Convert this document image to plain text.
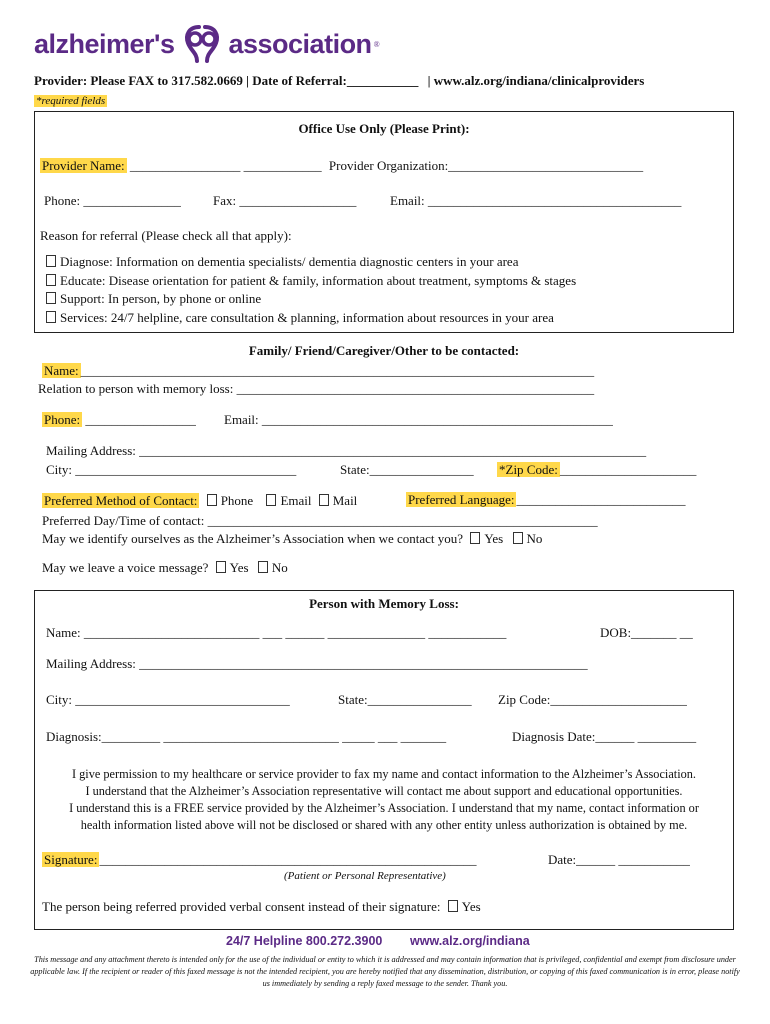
alzheimer's association ®
Provider: Please FAX to 317.582.0669 | Date of Referral:___________ | www.alz.org/indiana/clinicalproviders
*required fields
Office Use Only (Please Print):
Provider Name: _________________ ____________ Provider Organization:______________________________
Phone: _______________ Fax: __________________	Email: _______________________________________
Reason for referral (Please check all that apply):
Diagnose: Information on dementia specialists/ dementia diagnostic centers in your area
Educate: Disease orientation for patient & family, information about treatment, symptoms & stages
Support: In person, by phone or online
Services: 24/7 helpline, care consultation & planning, information about resources in your area
Family/ Friend/Caregiver/Other to be contacted:
Name: _______________________________________________________________________________
Relation to person with memory loss: _______________________________________________________
Phone: _________________ Email: ______________________________________________________
Mailing Address: ______________________________________________________________________________
City: __________________________________	State:________________ *Zip Code: _____________________
Preferred Method of Contact: Phone Email Mail	Preferred Language: __________________________
Preferred Day/Time of contact: ____________________________________________________________
May we identify ourselves as the Alzheimer’s Association when we contact you? Yes No
May we leave a voice message? Yes No
Person with Memory Loss:
Name: ___________________________ ___ ______ _______________ ____________	DOB:_______ __
Mailing Address: _____________________________________________________________________
City: _________________________________	State:________________ Zip Code:_____________________
Diagnosis:_________ ___________________________ _____ ___ _______	Diagnosis Date:______ _________
I give permission to my healthcare or service provider to fax my name and contact information to the Alzheimer’s Association.
I understand that the Alzheimer’s Association representative will contact me about support and educational opportunities.
I understand this is a FREE service provided by the Alzheimer’s Association. I understand that my name, contact information or
health information listed above will not be disclosed or shared with any other entity unless authorization is obtained by me.
Signature: __________________________________________________________	Date:______ ___________
(Patient or Personal Representative)
The person being referred provided verbal consent instead of their signature: Yes
24/7 Helpline 800.272.3900 www.alz.org/indiana
This message and any attachment thereto is intended only for the use of the individual or entity to which it is addressed and may contain information that is privileged, confidential and exempt from disclosure under applicable law. If the recipient or reader of this faxed message is not the intended recipient, you are hereby notified that any dissemination, distribution, or copying of this faxed communication is in error, please notify us immediately by sending a reply faxed message to the sender. Thank you.
